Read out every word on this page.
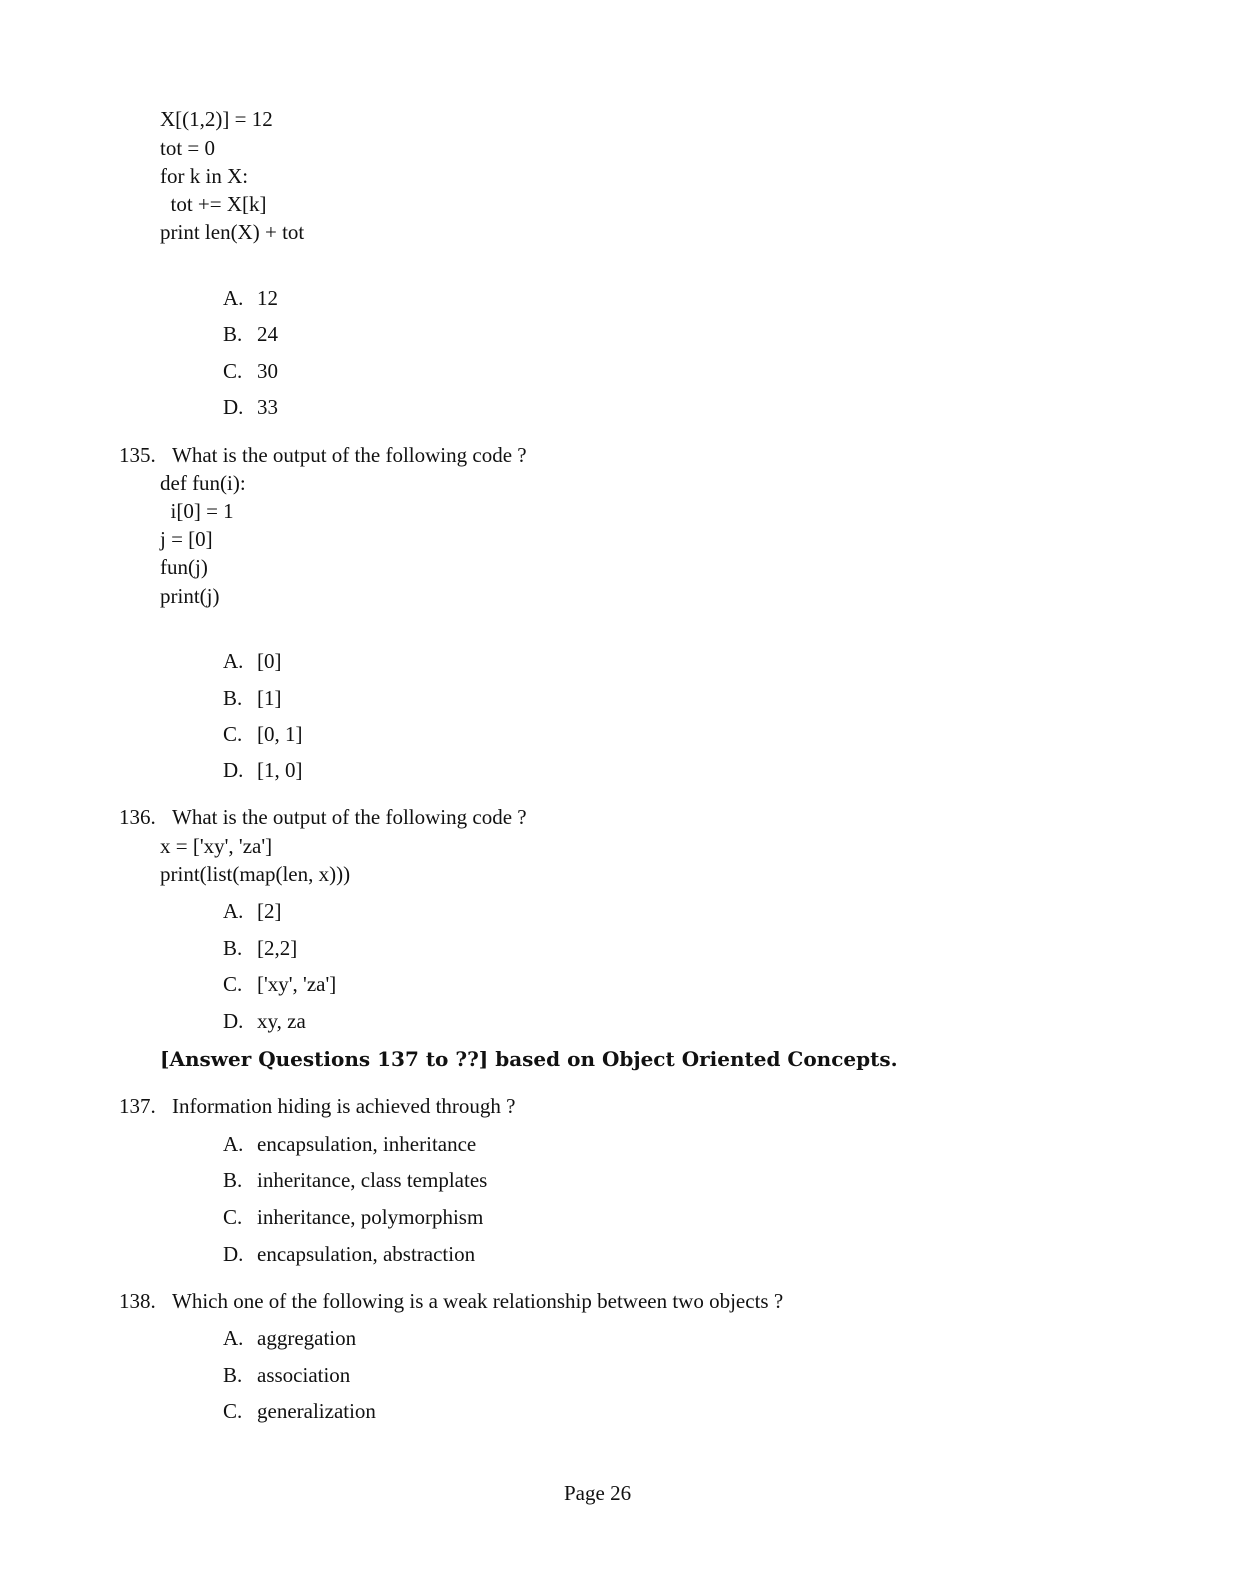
X[(1,2)] = 12
tot = 0
for k in X:
tot += X[k]
print len(X) + tot
A. 12
B. 24
C. 30
D. 33
135. What is the output of the following code ?
def fun(i):
i[0] = 1
j = [0]
fun(j)
print(j)
A. [0]
B. [1]
C. [0, 1]
D. [1, 0]
136. What is the output of the following code ?
x = ['xy', 'za']
print(list(map(len, x)))
A. [2]
B. [2,2]
C. ['xy', 'za']
D. xy, za
[Answer Questions 137 to ??] based on Object Oriented Concepts.
137. Information hiding is achieved through ?
A. encapsulation, inheritance
B. inheritance, class templates
C. inheritance, polymorphism
D. encapsulation, abstraction
138. Which one of the following is a weak relationship between two objects ?
A. aggregation
B. association
C. generalization
Page 26
